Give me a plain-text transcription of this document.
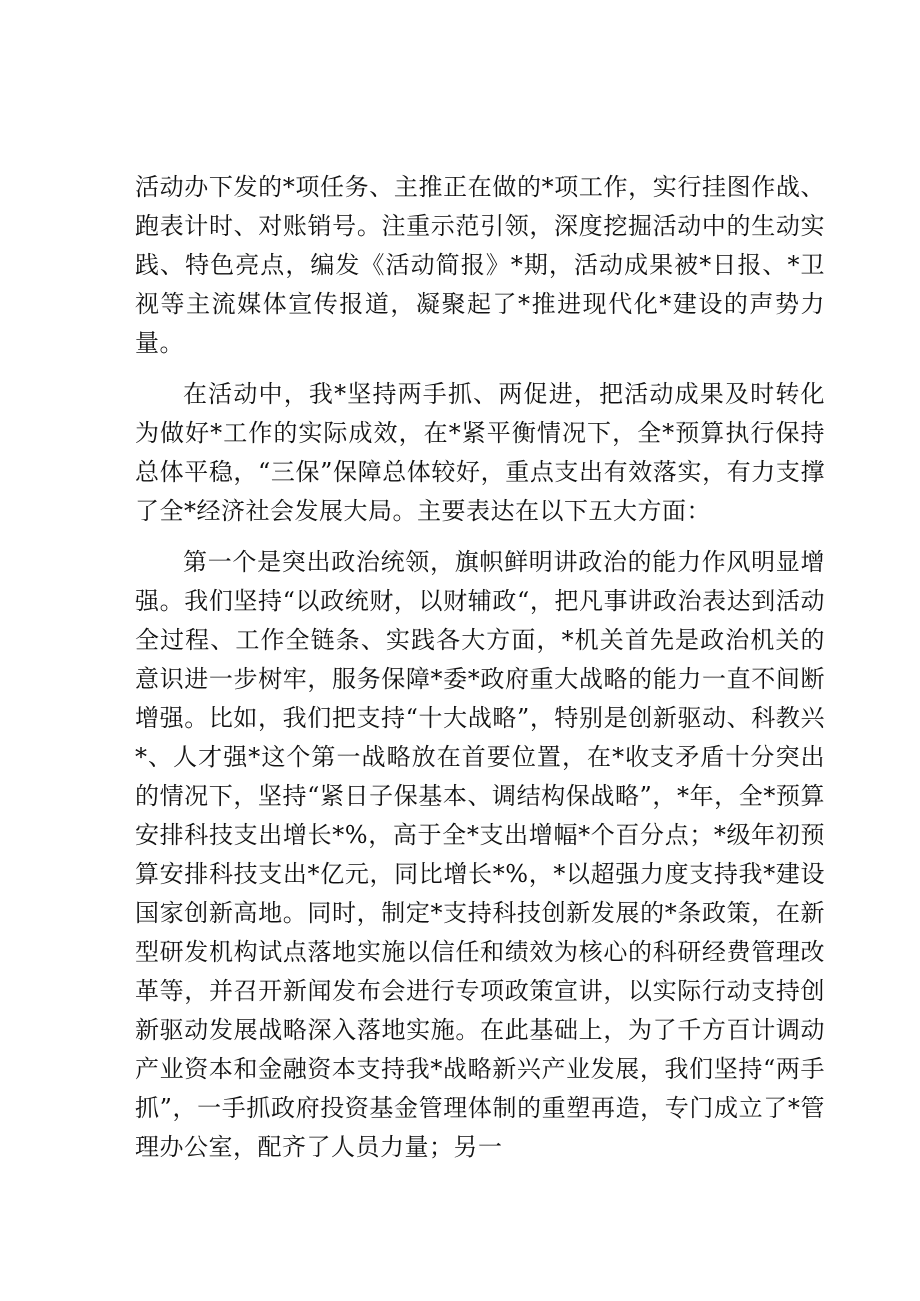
活动办下发的*项任务、主推正在做的*项工作，实行挂图作战、跑表计时、对账销号。注重示范引领，深度挖掘活动中的生动实践、特色亮点，编发《活动简报》*期，活动成果被*日报、*卫视等主流媒体宣传报道，凝聚起了*推进现代化*建设的声势力量。

在活动中，我*坚持两手抓、两促进，把活动成果及时转化为做好*工作的实际成效，在*紧平衡情况下，全*预算执行保持总体平稳，“三保”保障总体较好，重点支出有效落实，有力支撑了全*经济社会发展大局。主要表达在以下五大方面：

第一个是突出政治统领，旗帜鲜明讲政治的能力作风明显增强。我们坚持“以政统财，以财辅政“，把凡事讲政治表达到活动全过程、工作全链条、实践各大方面，*机关首先是政治机关的意识进一步树牢，服务保障*委*政府重大战略的能力一直不间断增强。比如，我们把支持“十大战略”，特别是创新驱动、科教兴*、人才强*这个第一战略放在首要位置，在*收支矛盾十分突出的情况下，坚持“紧日子保基本、调结构保战略”，*年，全*预算安排科技支出增长*%，高于全*支出增幅*个百分点；*级年初预算安排科技支出*亿元，同比增长*%，*以超强力度支持我*建设国家创新高地。同时，制定*支持科技创新发展的*条政策，在新型研发机构试点落地实施以信任和绩效为核心的科研经费管理改革等，并召开新闻发布会进行专项政策宣讲，以实际行动支持创新驱动发展战略深入落地实施。在此基础上，为了千方百计调动产业资本和金融资本支持我*战略新兴产业发展，我们坚持“两手抓”，一手抓政府投资基金管理体制的重塑再造，专门成立了*管理办公室，配齐了人员力量；另一
